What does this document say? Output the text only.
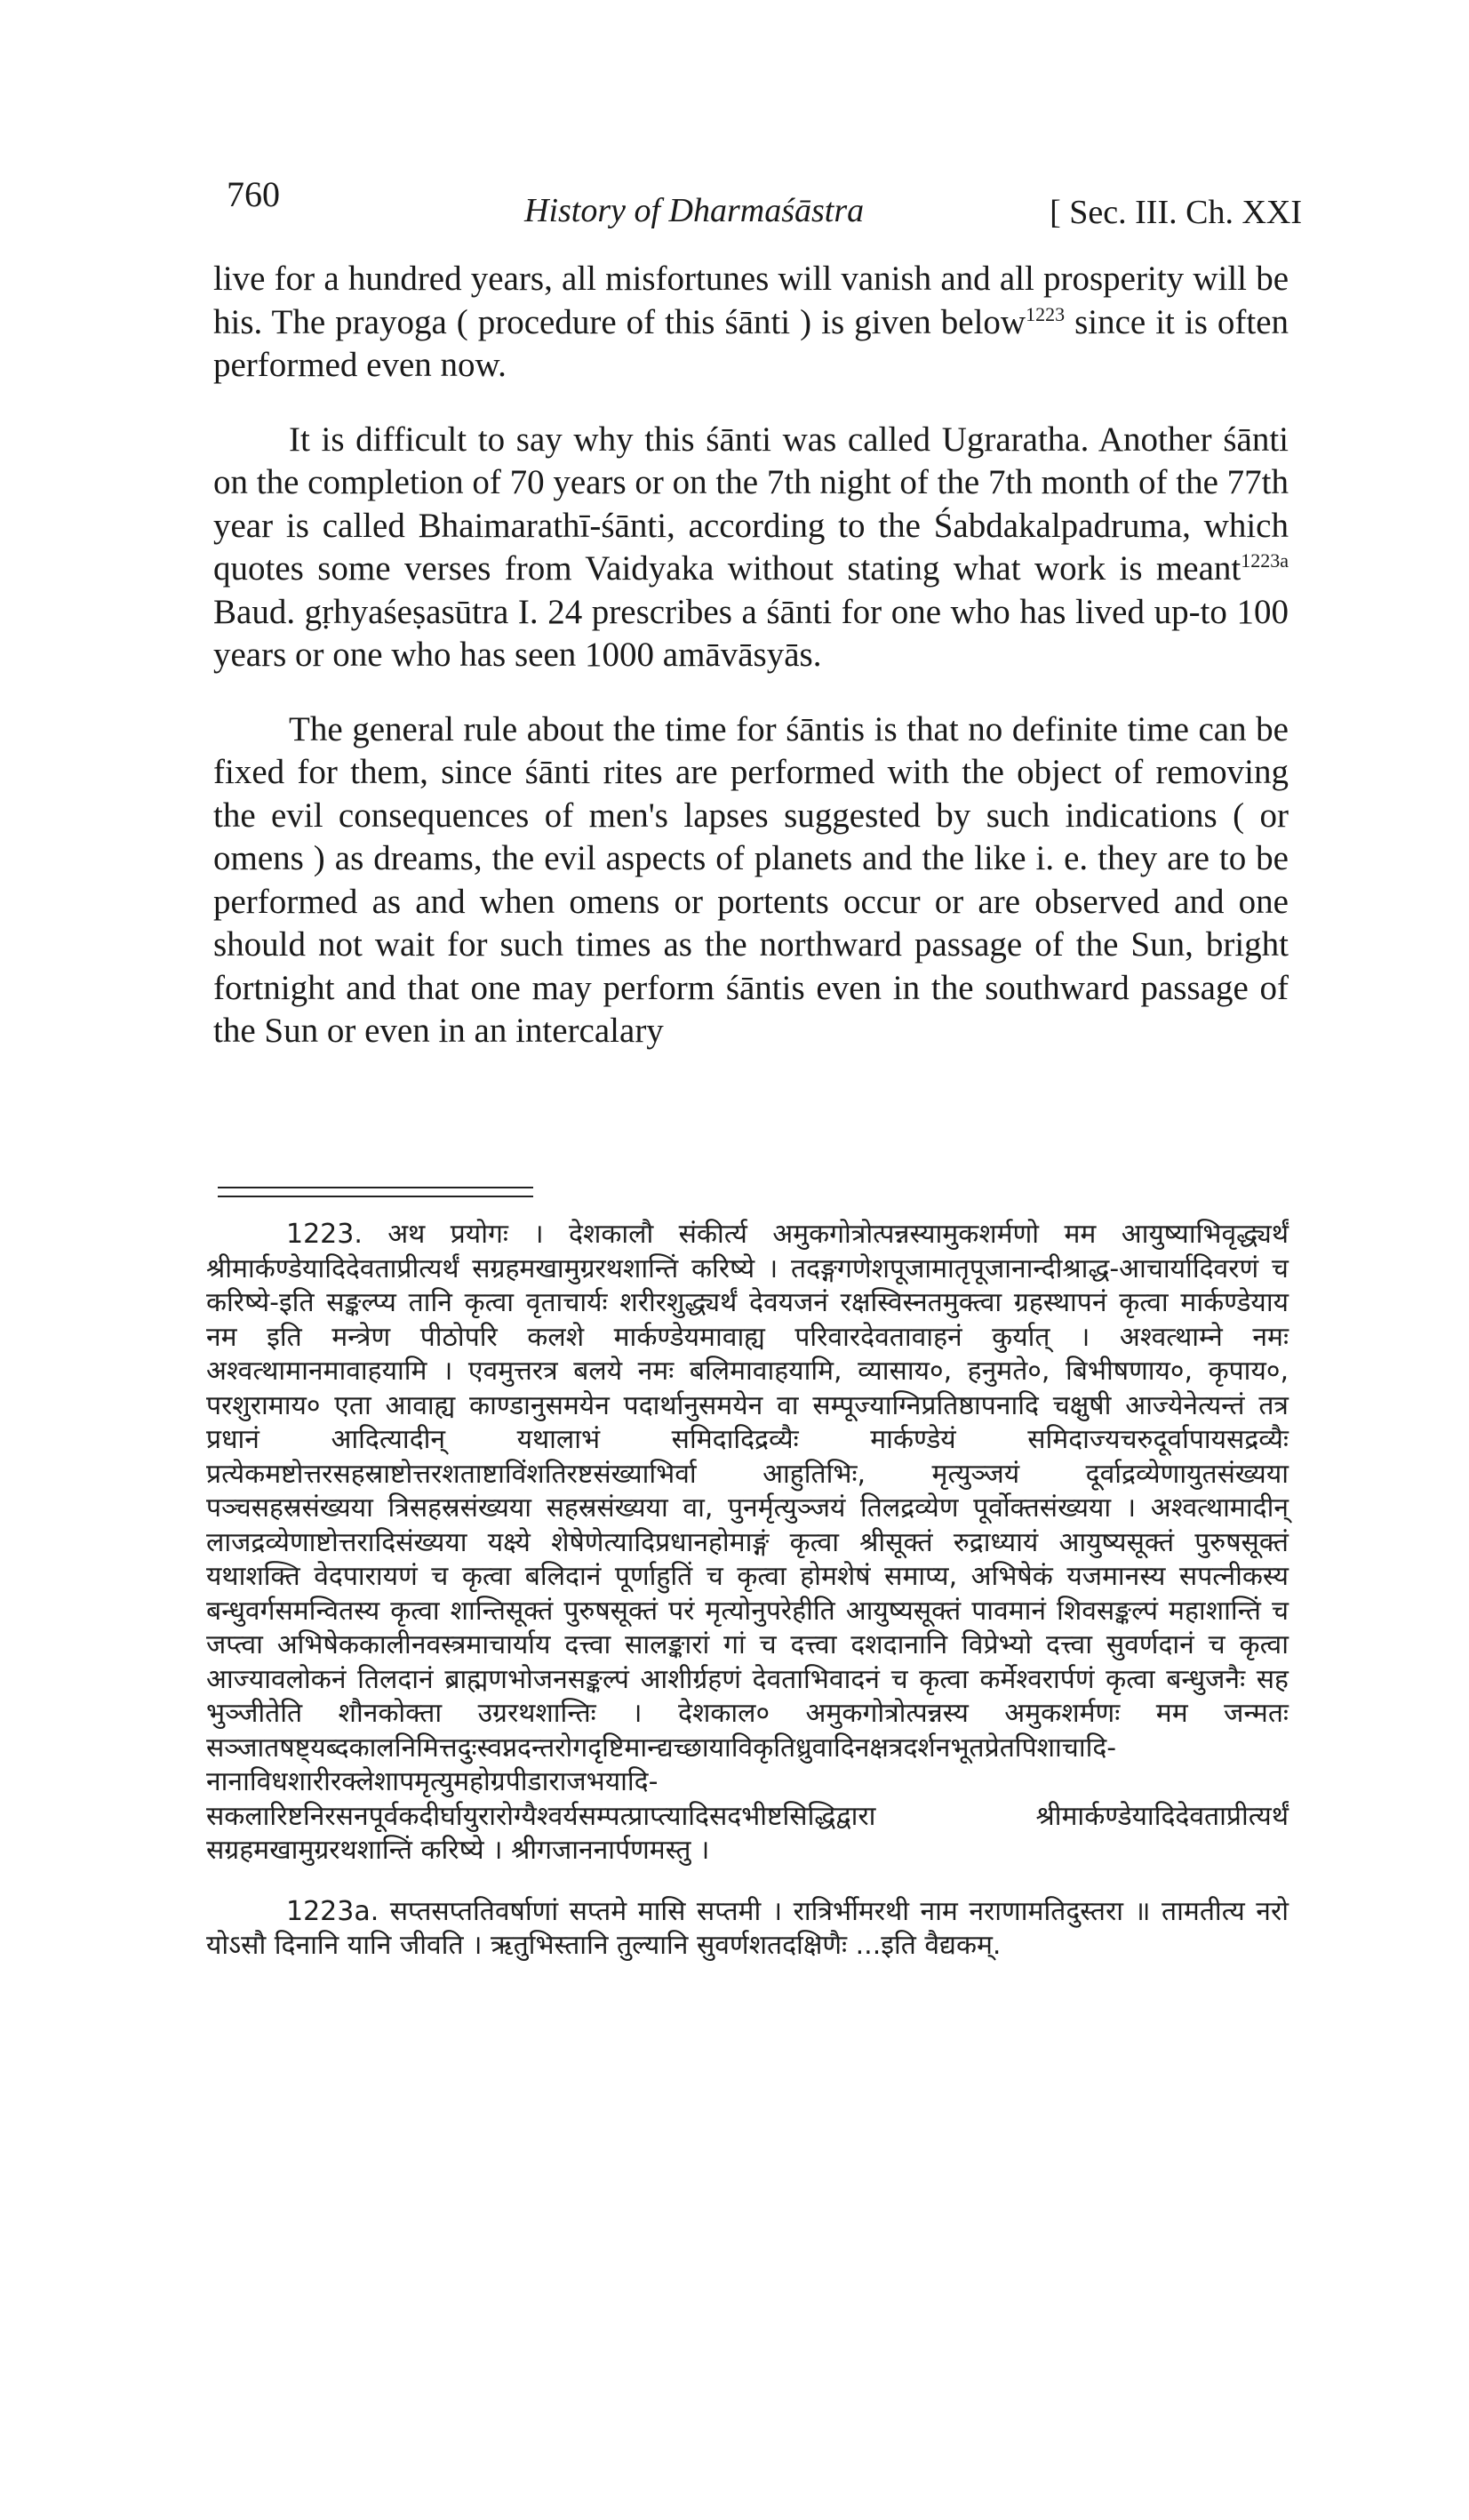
760	History of Dharmaśāstra	[ Sec. III. Ch. XXI

live for a hundred years, all misfortunes will vanish and all prosperity will be his. The prayoga ( procedure of this śānti ) is given below$^{1223}$ since it is often performed even now.

It is difficult to say why this śānti was called Ugraratha. Another śānti on the completion of 70 years or on the 7th night of the 7th month of the 77th year is called Bhaimarathī-śānti, according to the Śabdakalpadruma, which quotes some verses from Vaidyaka without stating what work is meant$^{1223a}$ Baud. gṛhyaśeṣasūtra I. 24 prescribes a śānti for one who has lived up-to 100 years or one who has seen 1000 amāvāsyās.

The general rule about the time for śāntis is that no definite time can be fixed for them, since śānti rites are performed with the object of removing the evil consequences of men's lapses suggested by such indications ( or omens ) as dreams, the evil aspects of planets and the like i. e. they are to be performed as and when omens or portents occur or are observed and one should not wait for such times as the northward passage of the Sun, bright fortnight and that one may perform śāntis even in the southward passage of the Sun or even in an intercalary

1223. अथ प्रयोगः । देशकालौ संकीर्त्य अमुकगोत्रोत्पन्नस्यामुकशर्मणो मम आयुष्याभिवृद्ध्यर्थं श्रीमार्कण्डेयादिदेवताप्रीत्यर्थं सग्रहमखामुग्ररथशान्तिं करिष्ये । तदङ्गगणेशपूजामातृपूजानान्दीश्राद्ध-आचार्यादिवरणं च करिष्ये-इति सङ्कल्प्य तानि कृत्वा वृताचार्यः शरीरशुद्ध्यर्थं देवयजनं रक्षस्विस्नतमुक्त्वा ग्रहस्थापनं कृत्वा मार्कण्डेयाय नम इति मन्त्रेण पीठोपरि कलशे मार्कण्डेयमावाह्य परिवारदेवतावाहनं कुर्यात् । अश्वत्थाम्ने नमः अश्वत्थामानमावाहयामि । एवमुत्तरत्र बलये नमः बलिमावाहयामि, व्यासाय०, हनुमते०, बिभीषणाय०, कृपाय०, परशुरामाय० एता आवाह्य काण्डानुसमयेन पदार्थानुसमयेन वा सम्पूज्याग्निप्रतिष्ठापनादि चक्षुषी आज्येनेत्यन्तं तत्र प्रधानं आदित्यादीन् यथालाभं समिदादिद्रव्यैः मार्कण्डेयं समिदाज्यचरुदूर्वापायसद्रव्यैः प्रत्येकमष्टोत्तरसहस्राष्टोत्तरशताष्टाविंशतिरष्टसंख्याभिर्वा आहुतिभिः, मृत्युञ्जयं दूर्वाद्रव्येणायुतसंख्यया पञ्चसहस्रसंख्यया त्रिसहस्रसंख्यया सहस्रसंख्यया वा, पुनर्मृत्युञ्जयं तिलद्रव्येण पूर्वोक्तसंख्यया । अश्वत्थामादीन् लाजद्रव्येणाष्टोत्तरादिसंख्यया यक्ष्ये शेषेणेत्यादिप्रधानहोमाङ्गं कृत्वा श्रीसूक्तं रुद्राध्यायं आयुष्यसूक्तं पुरुषसूक्तं यथाशक्ति वेदपारायणं च कृत्वा बलिदानं पूर्णाहुतिं च कृत्वा होमशेषं समाप्य, अभिषेकं यजमानस्य सपत्नीकस्य बन्धुवर्गसमन्वितस्य कृत्वा शान्तिसूक्तं पुरुषसूक्तं परं मृत्योनुपरेहीति आयुष्यसूक्तं पावमानं शिवसङ्कल्पं महाशान्तिं च जप्त्वा अभिषेककालीनवस्त्रमाचार्याय दत्त्वा सालङ्कारां गां च दत्त्वा दशदानानि विप्रेभ्यो दत्त्वा सुवर्णदानं च कृत्वा आज्यावलोकनं तिलदानं ब्राह्मणभोजनसङ्कल्पं आशीर्ग्रहणं देवताभिवादनं च कृत्वा कर्मेश्वरार्पणं कृत्वा बन्धुजनैः सह भुञ्जीतेति शौनकोक्ता उग्ररथशान्तिः । देशकाल० अमुकगोत्रोत्पन्नस्य अमुकशर्मणः मम जन्मतः सञ्जातषष्ट्यब्दकालनिमित्तदुःस्वप्नदन्तरोगदृष्टिमान्द्यच्छायाविकृतिध्रुवादिनक्षत्रदर्शनभूतप्रेतपिशाचादि-नानाविधशारीरक्लेशापमृत्युमहोग्रपीडाराजभयादि-सकलारिष्टनिरसनपूर्वकदीर्घायुरारोग्यैश्वर्यसम्पत्प्राप्त्यादिसदभीष्टसिद्धिद्वारा श्रीमार्कण्डेयादिदेवताप्रीत्यर्थं सग्रहमखामुग्ररथशान्तिं करिष्ये । श्रीगजाननार्पणमस्तु ।

1223a. सप्तसप्ततिवर्षाणां सप्तमे मासि सप्तमी । रात्रिर्भीमरथी नाम नराणामतिदुस्तरा ॥ तामतीत्य नरो योऽसौ दिनानि यानि जीवति । ऋतुभिस्तानि तुल्यानि सुवर्णशतदक्षिणैः ...इति वैद्यकम्.
